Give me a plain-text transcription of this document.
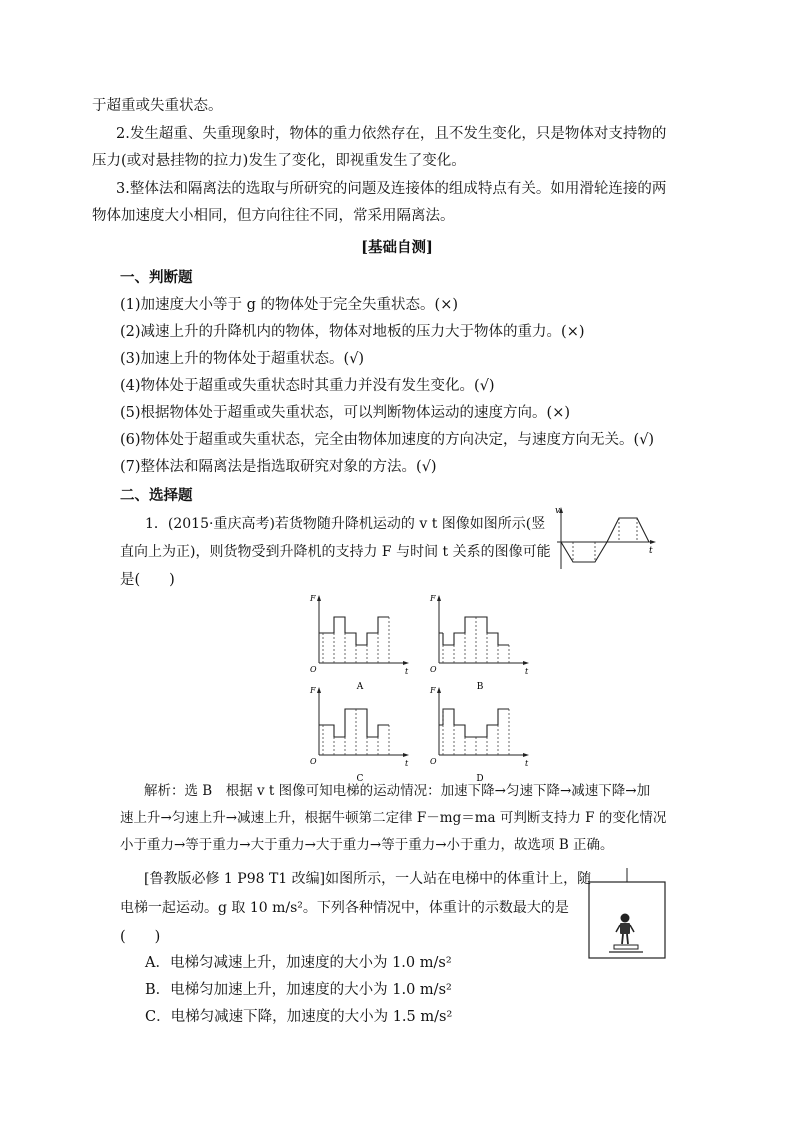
于超重或失重状态。
2.发生超重、失重现象时，物体的重力依然存在，且不发生变化，只是物体对支持物的
压力(或对悬挂物的拉力)发生了变化，即视重发生了变化。
3.整体法和隔离法的选取与所研究的问题及连接体的组成特点有关。如用滑轮连接的两
物体加速度大小相同，但方向往往不同，常采用隔离法。
[基础自测]
一、判断题
(1)加速度大小等于 g 的物体处于完全失重状态。(×)
(2)减速上升的升降机内的物体，物体对地板的压力大于物体的重力。(×)
(3)加速上升的物体处于超重状态。(√)
(4)物体处于超重或失重状态时其重力并没有发生变化。(√)
(5)根据物体处于超重或失重状态，可以判断物体运动的速度方向。(×)
(6)物体处于超重或失重状态，完全由物体加速度的方向决定，与速度方向无关。(√)
(7)整体法和隔离法是指选取研究对象的方法。(√)
二、选择题
1．(2015·重庆高考)若货物随升降机运动的 v t 图像如图所示(竖
直向上为正)，则货物受到升降机的支持力 F 与时间 t 关系的图像可能
是(　　)
v
t
F
t
O
A
F
t
O
B
F
t
O
C
F
t
O
D
解析：选 B　根据 v t 图像可知电梯的运动情况：加速下降→匀速下降→减速下降→加
速上升→匀速上升→减速上升，根据牛顿第二定律 F－mg＝ma 可判断支持力 F 的变化情况
小于重力→等于重力→大于重力→大于重力→等于重力→小于重力，故选项 B 正确。
[鲁教版必修 1 P98 T1 改编]如图所示，一人站在电梯中的体重计上，随
电梯一起运动。g 取 10 m/s²。下列各种情况中，体重计的示数最大的是
(　　)
A．电梯匀减速上升，加速度的大小为 1.0 m/s²
B．电梯匀加速上升，加速度的大小为 1.0 m/s²
C．电梯匀减速下降，加速度的大小为 1.5 m/s²
